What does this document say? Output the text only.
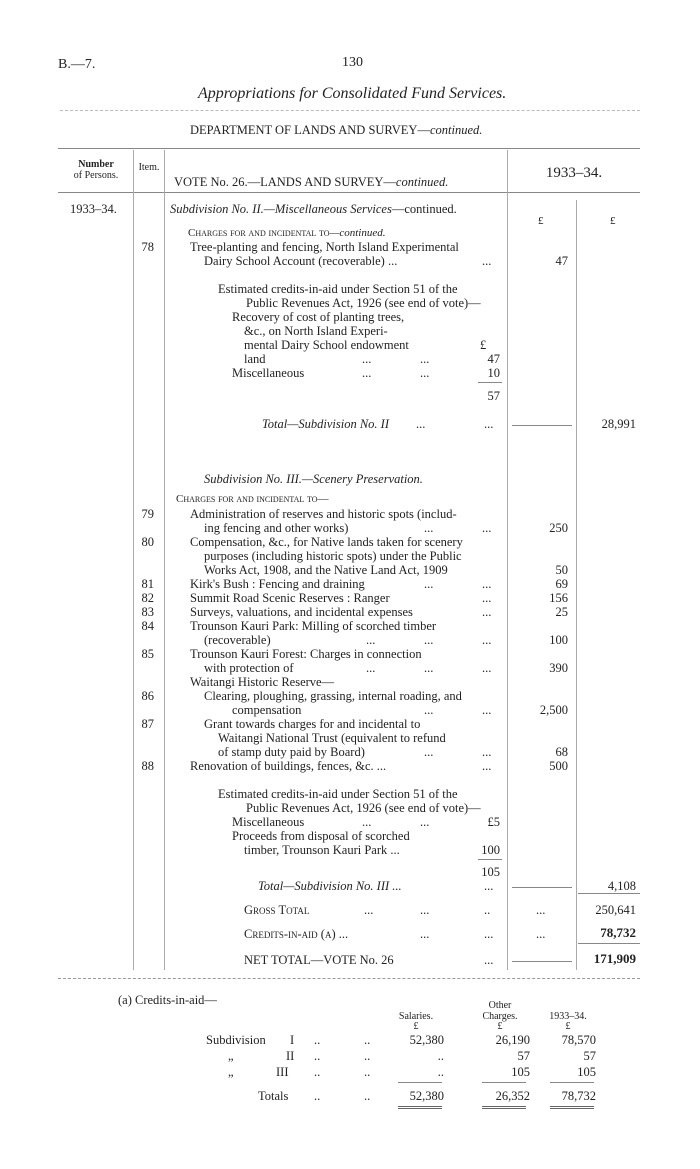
B.—7.	130
Appropriations for Consolidated Fund Services.
DEPARTMENT OF LANDS AND SURVEY—continued.
Number
of Persons.
Item.
VOTE No. 26.—LANDS AND SURVEY—continued.
1933–34.
1933–34.	Subdivision No. II.—Miscellaneous Services—continued.
£	£
Charges for and incidental to—continued.
78	Tree-planting and fencing, North Island Experimental
Dairy School Account (recoverable) ...	...	47
Estimated credits-in-aid under Section 51 of the
Public Revenues Act, 1926 (see end of vote)—
Recovery of cost of planting trees,
&c., on North Island Experi-
mental Dairy School endowment	£
land	...	...	47
Miscellaneous	...	...	10
57
Total—Subdivision No. II ...	...	28,991
Subdivision No. III.—Scenery Preservation.
Charges for and incidental to—
79	Administration of reserves and historic spots (includ-
ing fencing and other works)	...	...	250
80	Compensation, &c., for Native lands taken for scenery
purposes (including historic spots) under the Public
Works Act, 1908, and the Native Land Act, 1909	50
81	Kirk's Bush : Fencing and draining	...	...	69
82	Summit Road Scenic Reserves : Ranger	...	156
83	Surveys, valuations, and incidental expenses	...	25
84	Trounson Kauri Park: Milling of scorched timber
(recoverable)	...	...	...	100
85	Trounson Kauri Forest: Charges in connection
with protection of	...	...	...	390
Waitangi Historic Reserve—
86	Clearing, ploughing, grassing, internal roading, and
compensation	...	...	2,500
87	Grant towards charges for and incidental to
Waitangi National Trust (equivalent to refund
of stamp duty paid by Board)	...	...	68
88	Renovation of buildings, fences, &c. ...	...	500
Estimated credits-in-aid under Section 51 of the
Public Revenues Act, 1926 (see end of vote)—
Miscellaneous	...	...	£5
Proceeds from disposal of scorched
timber, Trounson Kauri Park ...	100
105
Total—Subdivision No. III ...	...	4,108
Gross Total	...	...	..	...	250,641
Credits-in-aid (a) ...	...	...	...	78,732
NET TOTAL—VOTE No. 26	...	171,909
(a) Credits-in-aid—	Other
Salaries.	Charges.	1933–34.
£	£	£
Subdivision I ..	..	52,380	26,190	78,570
„	II ..	..	..	57	57
„	III ..	..	..	105	105
Totals ..	..	52,380	26,352	78,732
